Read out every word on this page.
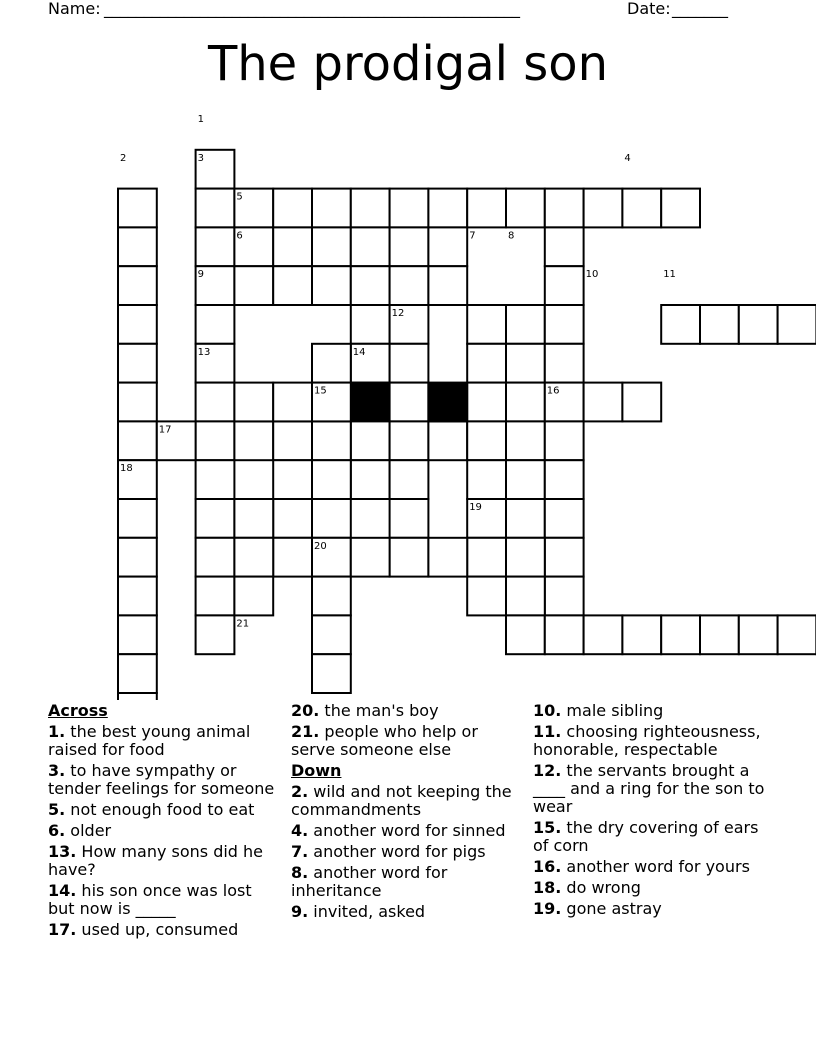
Name: ____________________________________________________	Date: _______
The prodigal son
1
2	3	4
5
6	7	8
9	10	11
12
13	14
15	16
17
18
19
20
21
Across
1. the best young animal raised for food
3. to have sympathy or tender feelings for someone
5. not enough food to eat
6. older
13. How many sons did he have?
14. his son once was lost but now is _____
17. used up, consumed
20. the man's boy
21. people who help or serve someone else
Down
2. wild and not keeping the commandments
4. another word for sinned
7. another word for pigs
8. another word for inheritance
9. invited, asked
10. male sibling
11. choosing righteousness, honorable, respectable
12. the servants brought a ____ and a ring for the son to wear
15. the dry covering of ears of corn
16. another word for yours
18. do wrong
19. gone astray
